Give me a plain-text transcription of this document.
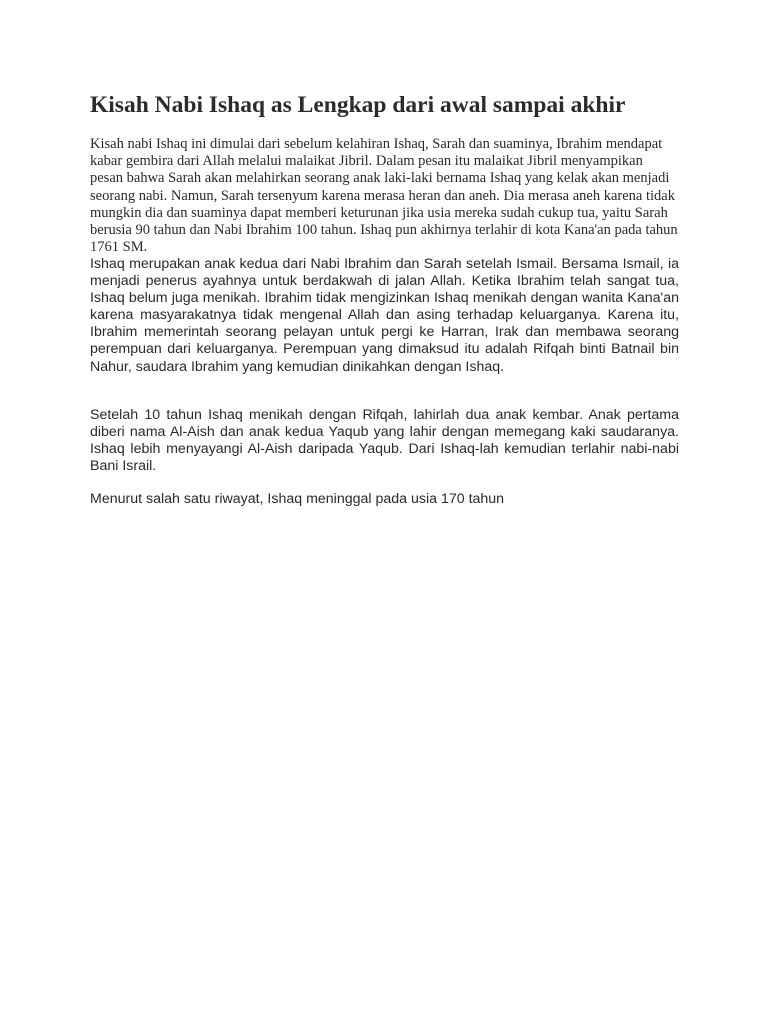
Kisah Nabi Ishaq as Lengkap dari awal sampai akhir

Kisah nabi Ishaq ini dimulai dari sebelum kelahiran Ishaq, Sarah dan suaminya, Ibrahim mendapat kabar gembira dari Allah melalui malaikat Jibril. Dalam pesan itu malaikat Jibril menyampikan pesan bahwa Sarah akan melahirkan seorang anak laki-laki bernama Ishaq yang kelak akan menjadi seorang nabi. Namun, Sarah tersenyum karena merasa heran dan aneh. Dia merasa aneh karena tidak mungkin dia dan suaminya dapat memberi keturunan jika usia mereka sudah cukup tua, yaitu Sarah berusia 90 tahun dan Nabi Ibrahim 100 tahun. Ishaq pun akhirnya terlahir di kota Kana'an pada tahun 1761 SM.

Ishaq merupakan anak kedua dari Nabi Ibrahim dan Sarah setelah Ismail. Bersama Ismail, ia menjadi penerus ayahnya untuk berdakwah di jalan Allah. Ketika Ibrahim telah sangat tua, Ishaq belum juga menikah. Ibrahim tidak mengizinkan Ishaq menikah dengan wanita Kana'an karena masyarakatnya tidak mengenal Allah dan asing terhadap keluarganya. Karena itu, Ibrahim memerintah seorang pelayan untuk pergi ke Harran, Irak dan membawa seorang perempuan dari keluarganya. Perempuan yang dimaksud itu adalah Rifqah binti Batnail bin Nahur, saudara Ibrahim yang kemudian dinikahkan dengan Ishaq.

Setelah 10 tahun Ishaq menikah dengan Rifqah, lahirlah dua anak kembar. Anak pertama diberi nama Al-Aish dan anak kedua Yaqub yang lahir dengan memegang kaki saudaranya. Ishaq lebih menyayangi Al-Aish daripada Yaqub. Dari Ishaq-lah kemudian terlahir nabi-nabi Bani Israil.

Menurut salah satu riwayat, Ishaq meninggal pada usia 170 tahun
